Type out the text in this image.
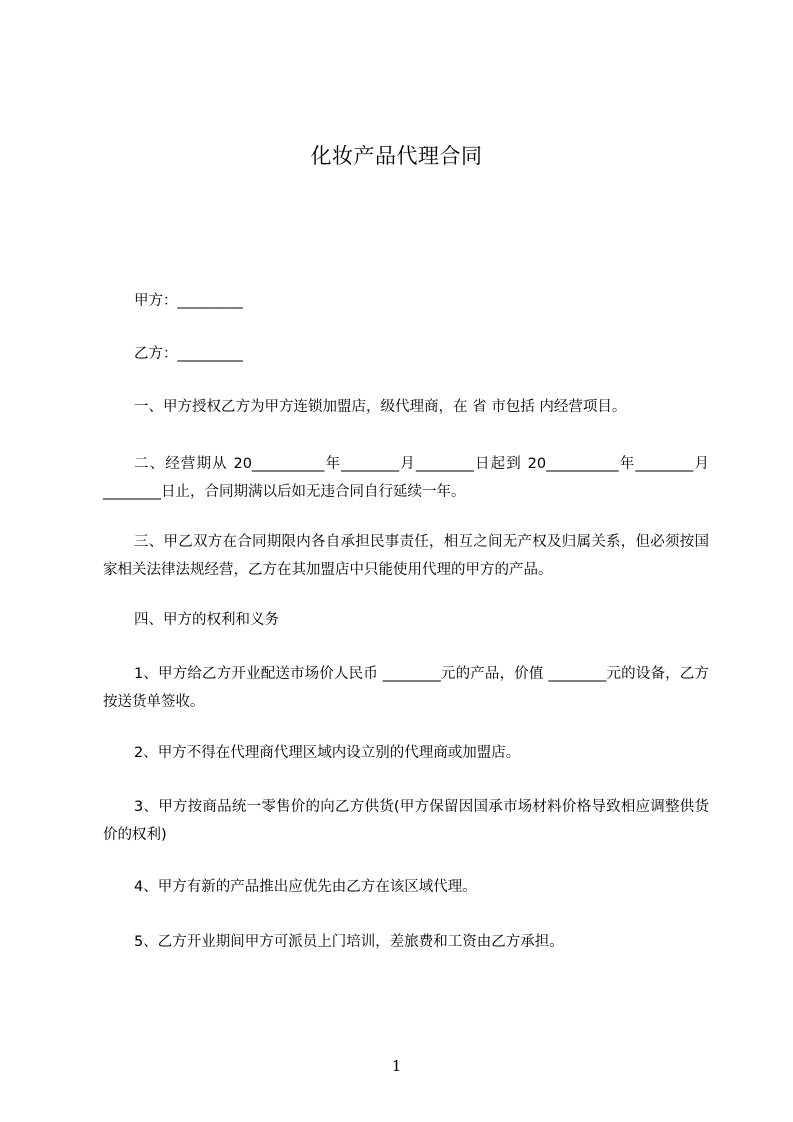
化妆产品代理合同
甲方：_________
乙方：_________
一、甲方授权乙方为甲方连锁加盟店，级代理商，在 省 市包括 内经营项目。
二、经营期从 20__________年________月________日起到 20__________年________月________日止，合同期满以后如无违合同自行延续一年。
三、甲乙双方在合同期限内各自承担民事责任，相互之间无产权及归属关系，但必须按国家相关法律法规经营，乙方在其加盟店中只能使用代理的甲方的产品。
四、甲方的权利和义务
1、甲方给乙方开业配送市场价人民币 ________元的产品，价值 ________元的设备，乙方按送货单签收。
2、甲方不得在代理商代理区域内设立别的代理商或加盟店。
3、甲方按商品统一零售价的向乙方供货(甲方保留因国承市场材料价格导致相应调整供货价的权利)
4、甲方有新的产品推出应优先由乙方在该区域代理。
5、乙方开业期间甲方可派员上门培训，差旅费和工资由乙方承担。
1
